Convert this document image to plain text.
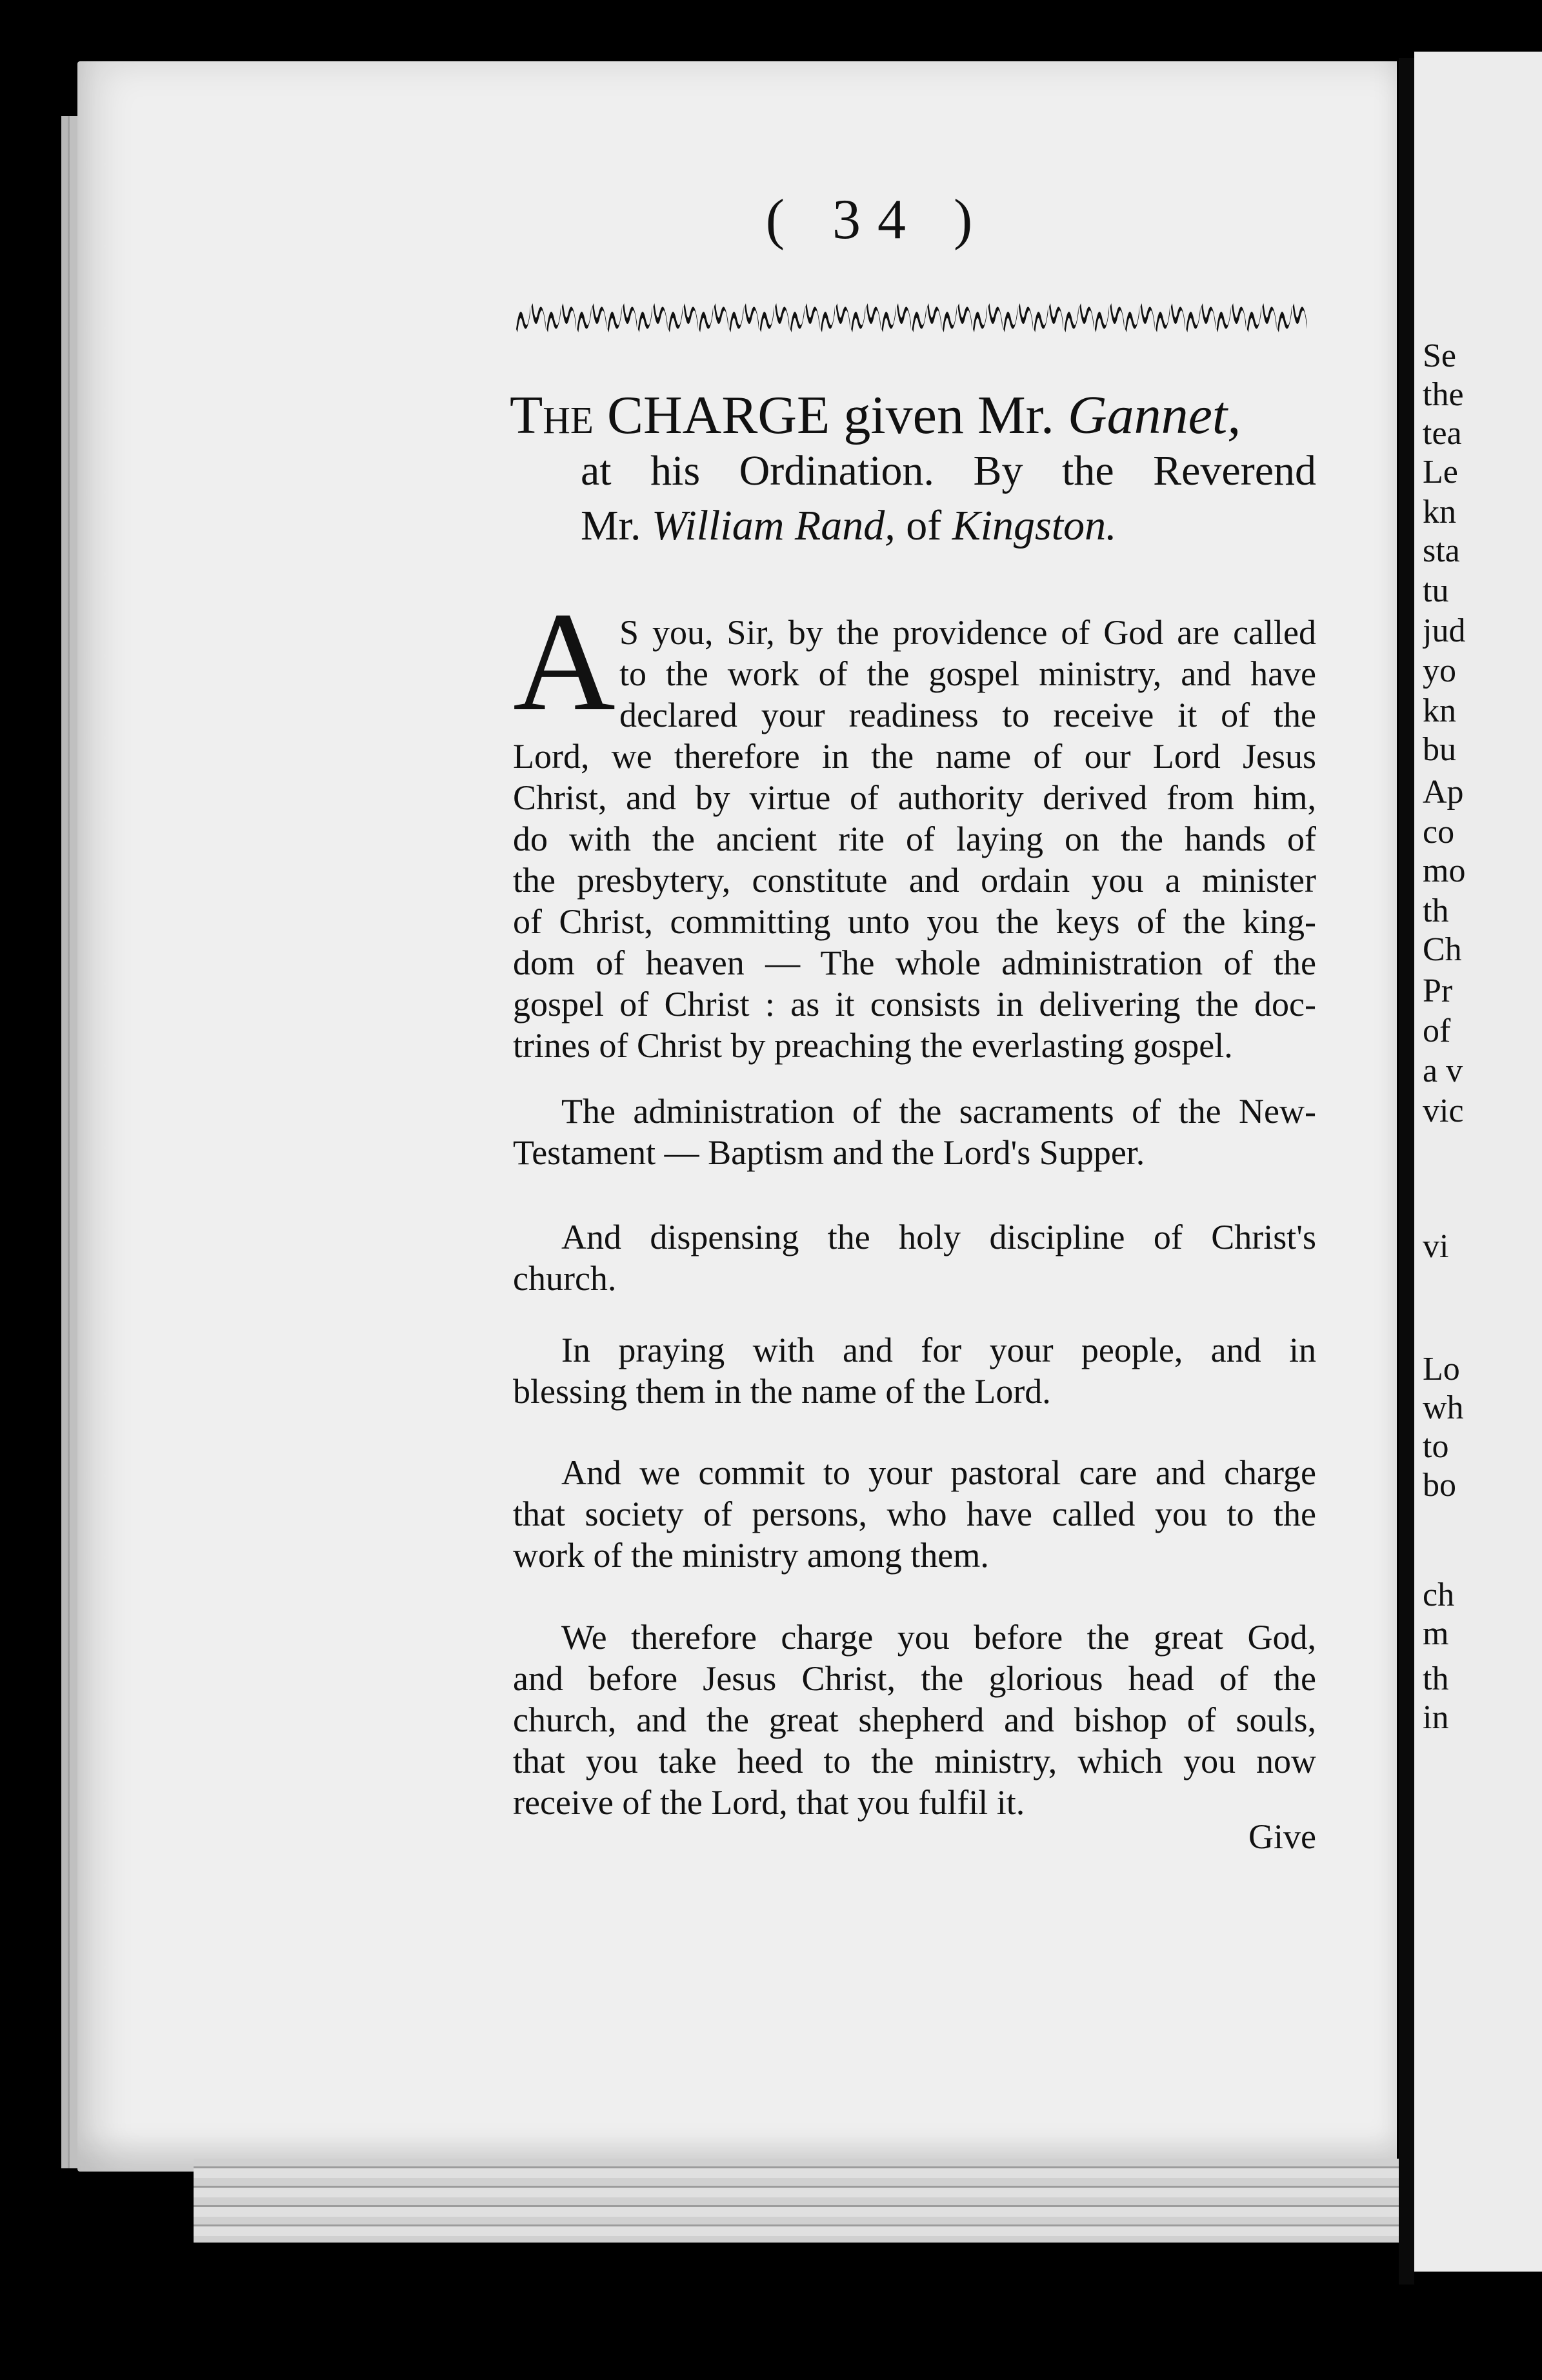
Se
the
tea
Le
kn
sta
tu
jud
yo
kn
bu
Ap
co
mo
th
Ch
Pr
of
a v
vic
vi
Lo
wh
to
bo
ch
m
th
in
( 34 )
The CHARGE given Mr. Gannet,
at his Ordination. By the Reverend
Mr. William Rand, of Kingston.
A S you, Sir, by the providence of God are called
to the work of the gospel ministry, and have
declared your readiness to receive it of the
Lord, we therefore in the name of our Lord Jesus
Christ, and by virtue of authority derived from him,
do with the ancient rite of laying on the hands of
the presbytery, constitute and ordain you a minister
of Christ, committing unto you the keys of the king-
dom of heaven — The whole administration of the
gospel of Christ : as it consists in delivering the doc-
trines of Christ by preaching the everlasting gospel.
The administration of the sacraments of the New-
Testament — Baptism and the Lord's Supper.
And dispensing the holy discipline of Christ's
church.
In praying with and for your people, and in
blessing them in the name of the Lord.
And we commit to your pastoral care and charge
that society of persons, who have called you to the
work of the ministry among them.
We therefore charge you before the great God,
and before Jesus Christ, the glorious head of the
church, and the great shepherd and bishop of souls,
that you take heed to the ministry, which you now
receive of the Lord, that you fulfil it.
Give
